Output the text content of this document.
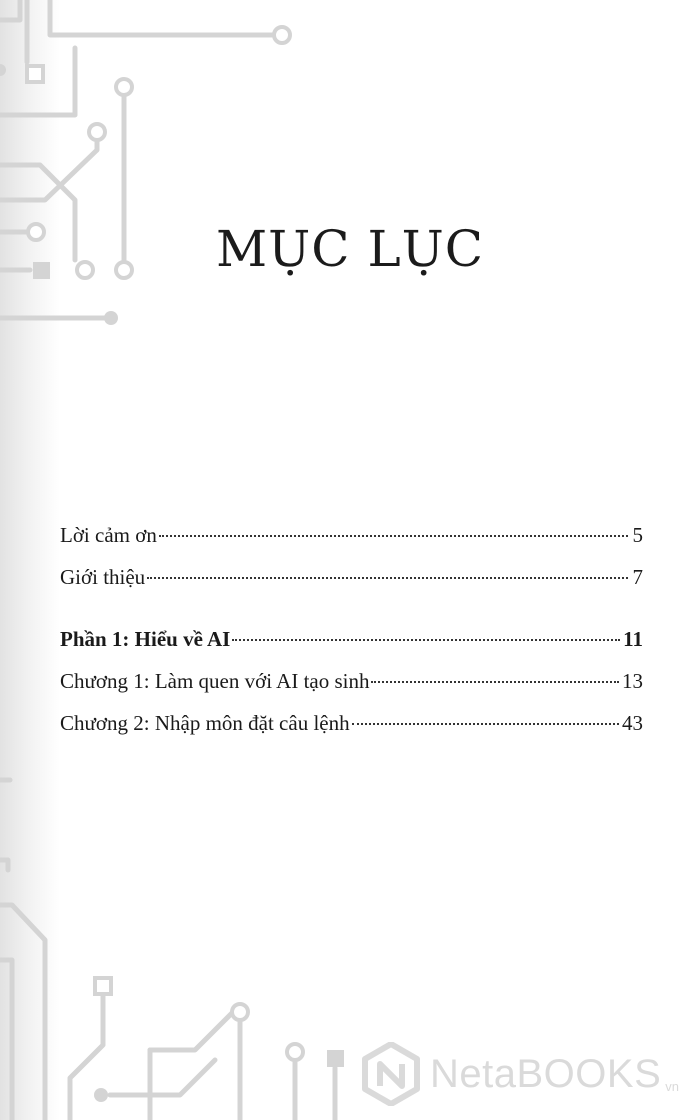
MỤC LỤC
Lời cảm ơn	5
Giới thiệu	7
Phần 1: Hiểu về AI	11
Chương 1: Làm quen với AI tạo sinh	13
Chương 2: Nhập môn đặt câu lệnh	43
NetaBOOKS vn
